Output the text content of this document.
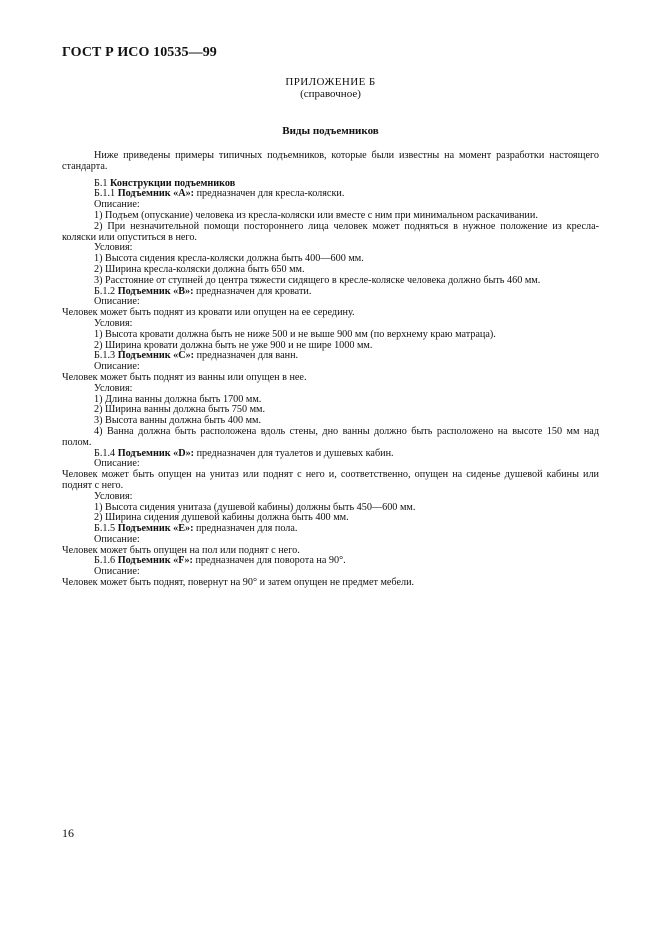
ГОСТ Р ИСО 10535—99
ПРИЛОЖЕНИЕ Б
(справочное)
Виды подъемников

Ниже приведены примеры типичных подъемников, которые были известны на момент разработки настоящего стандарта.

Б.1 Конструкции подъемников

Б.1.1 Подъемник «А»: предназначен для кресла-коляски.

Описание:

1) Подъем (опускание) человека из кресла-коляски или вместе с ним при минимальном раскачивании.

2) При незначительной помощи постороннего лица человек может подняться в нужное положение из кресла-коляски или опуститься в него.

Условия:

1) Высота сидения кресла-коляски должна быть 400—600 мм.

2) Ширина кресла-коляски должна быть 650 мм.

3) Расстояние от ступней до центра тяжести сидящего в кресле-коляске человека должно быть 460 мм.

Б.1.2 Подъемник «В»: предназначен для кровати.

Описание:

Человек может быть поднят из кровати или опущен на ее середину.

Условия:

1) Высота кровати должна быть не ниже 500 и не выше 900 мм (по верхнему краю матраца).

2) Ширина кровати должна быть не уже 900 и не шире 1000 мм.

Б.1.3 Подъемник «С»: предназначен для ванн.

Описание:

Человек может быть поднят из ванны или опущен в нее.

Условия:

1) Длина ванны должна быть 1700 мм.

2) Ширина ванны должна быть 750 мм.

3) Высота ванны должна быть 400 мм.

4) Ванна должна быть расположена вдоль стены, дно ванны должно быть расположено на высоте 150 мм над полом.

Б.1.4 Подъемник «D»: предназначен для туалетов и душевых кабин.

Описание:

Человек может быть опущен на унитаз или поднят с него и, соответственно, опущен на сиденье душевой кабины или поднят с него.

Условия:

1) Высота сидения унитаза (душевой кабины) должны быть 450—600 мм.

2) Ширина сидения душевой кабины должна быть 400 мм.

Б.1.5 Подъемник «Е»: предназначен для пола.

Описание:

Человек может быть опущен на пол или поднят с него.

Б.1.6 Подъемник «F»: предназначен для поворота на 90°.

Описание:

Человек может быть поднят, повернут на 90° и затем опущен не предмет мебели.

16
